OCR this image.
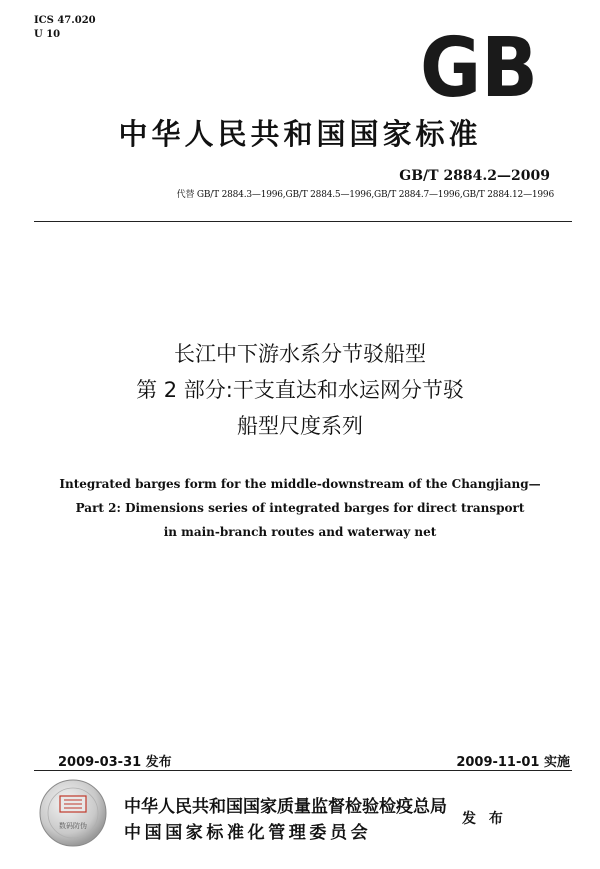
ICS 47.020
U 10	GB
中华人民共和国国家标准
GB/T 2884.2—2009
代替 GB/T 2884.3—1996,GB/T 2884.5—1996,GB/T 2884.7—1996,GB/T 2884.12—1996
长江中下游水系分节驳船型
第 2 部分:干支直达和水运网分节驳
船型尺度系列
Integrated barges form for the middle-downstream of the Changjiang—
Part 2: Dimensions series of integrated barges for direct transport
in main-branch routes and waterway net
2009-03-31 发布	2009-11-01 实施
数码防伪
中华人民共和国国家质量监督检验检疫总局
中国国家标准化管理委员会
发 布
